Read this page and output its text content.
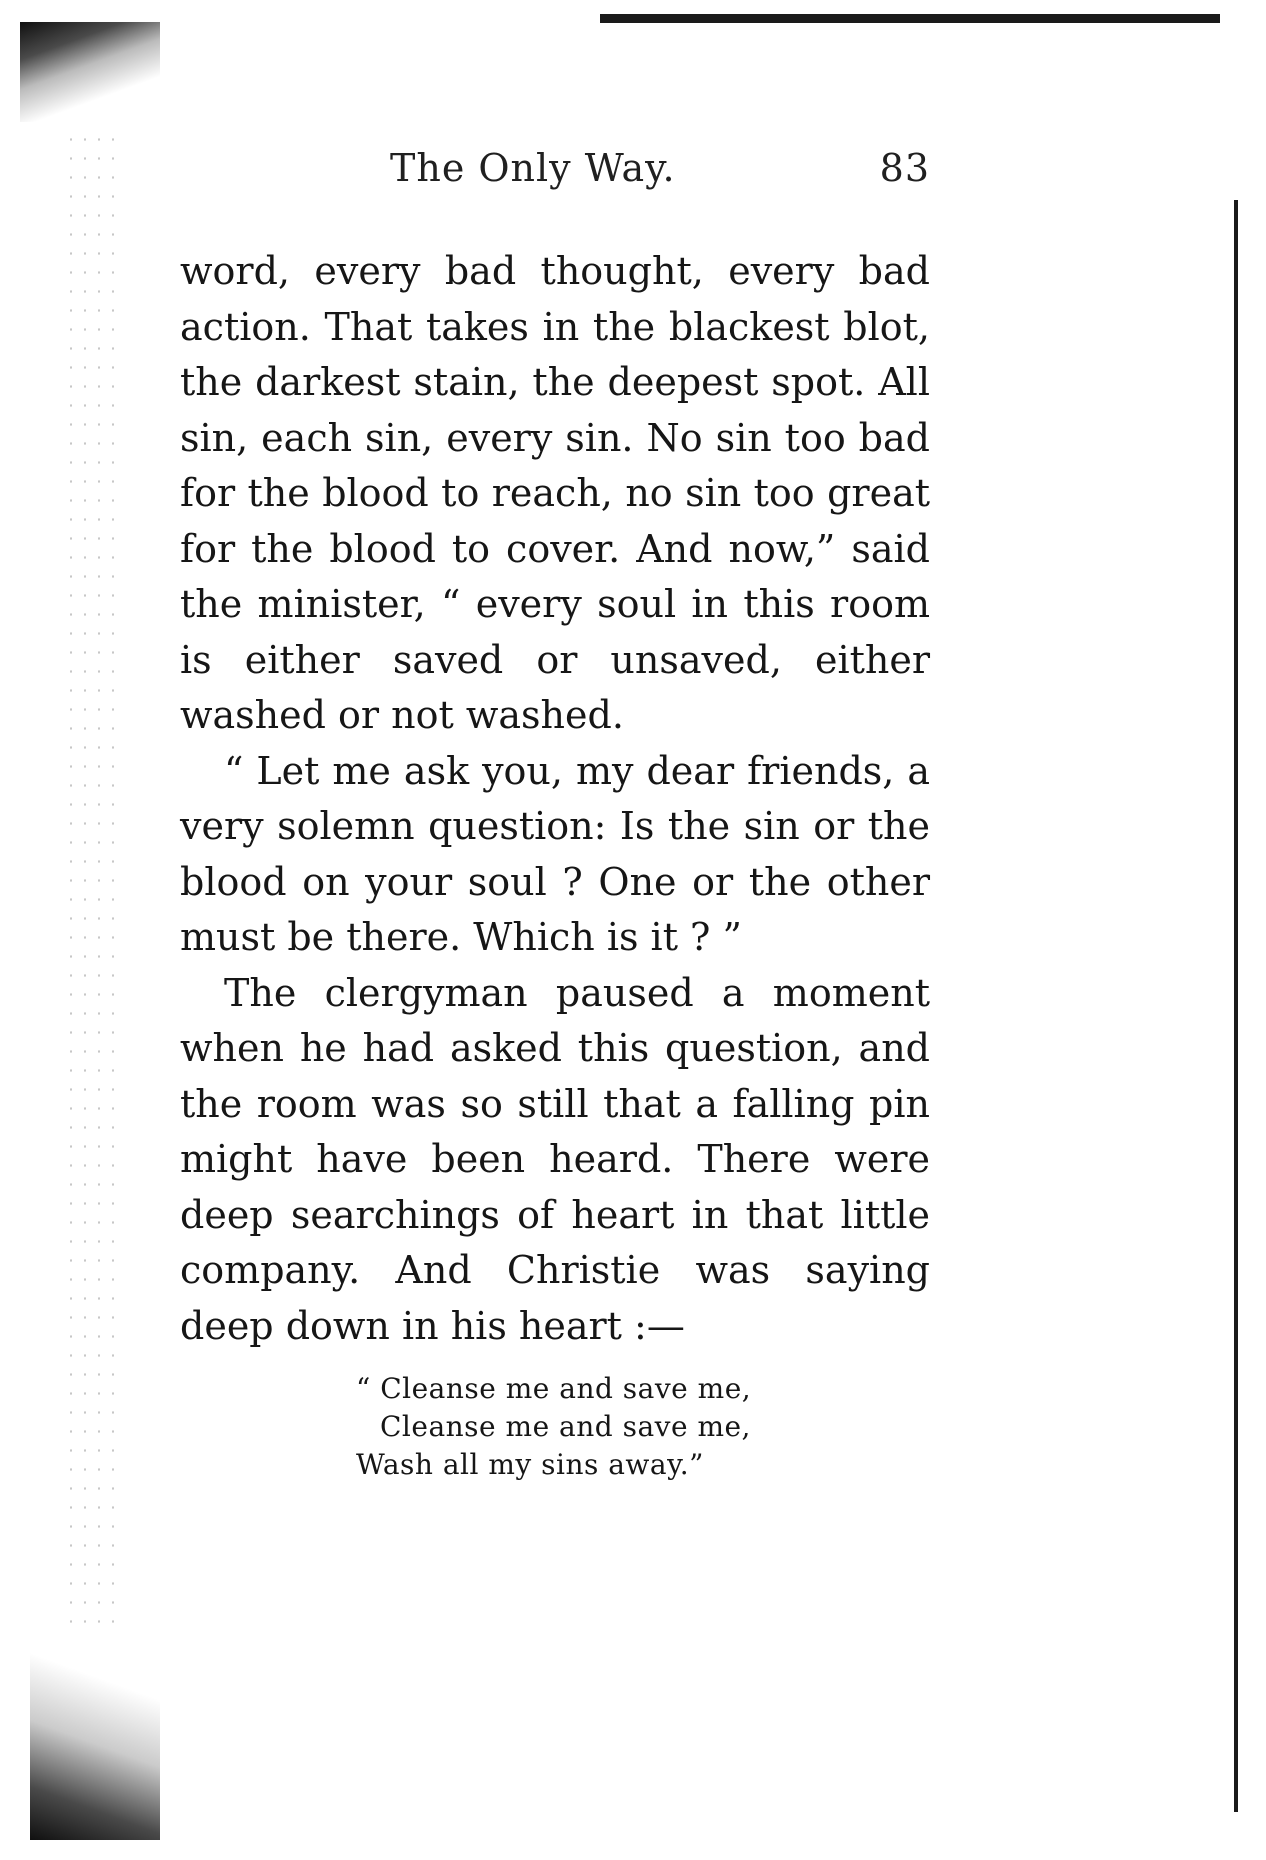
The Only Way.	83

word, every bad thought, every bad action. That takes in the blackest blot, the darkest stain, the deepest spot. All sin, each sin, every sin. No sin too bad for the blood to reach, no sin too great for the blood to cover. And now,” said the minister, “ every soul in this room is either saved or unsaved, either washed or not washed.

“ Let me ask you, my dear friends, a very solemn question: Is the sin or the blood on your soul ? One or the other must be there. Which is it ? ”

The clergyman paused a moment when he had asked this question, and the room was so still that a falling pin might have been heard. There were deep searchings of heart in that little company. And Christie was saying deep down in his heart :—

“ Cleanse me and save me,
Cleanse me and save me,
Wash all my sins away.”
